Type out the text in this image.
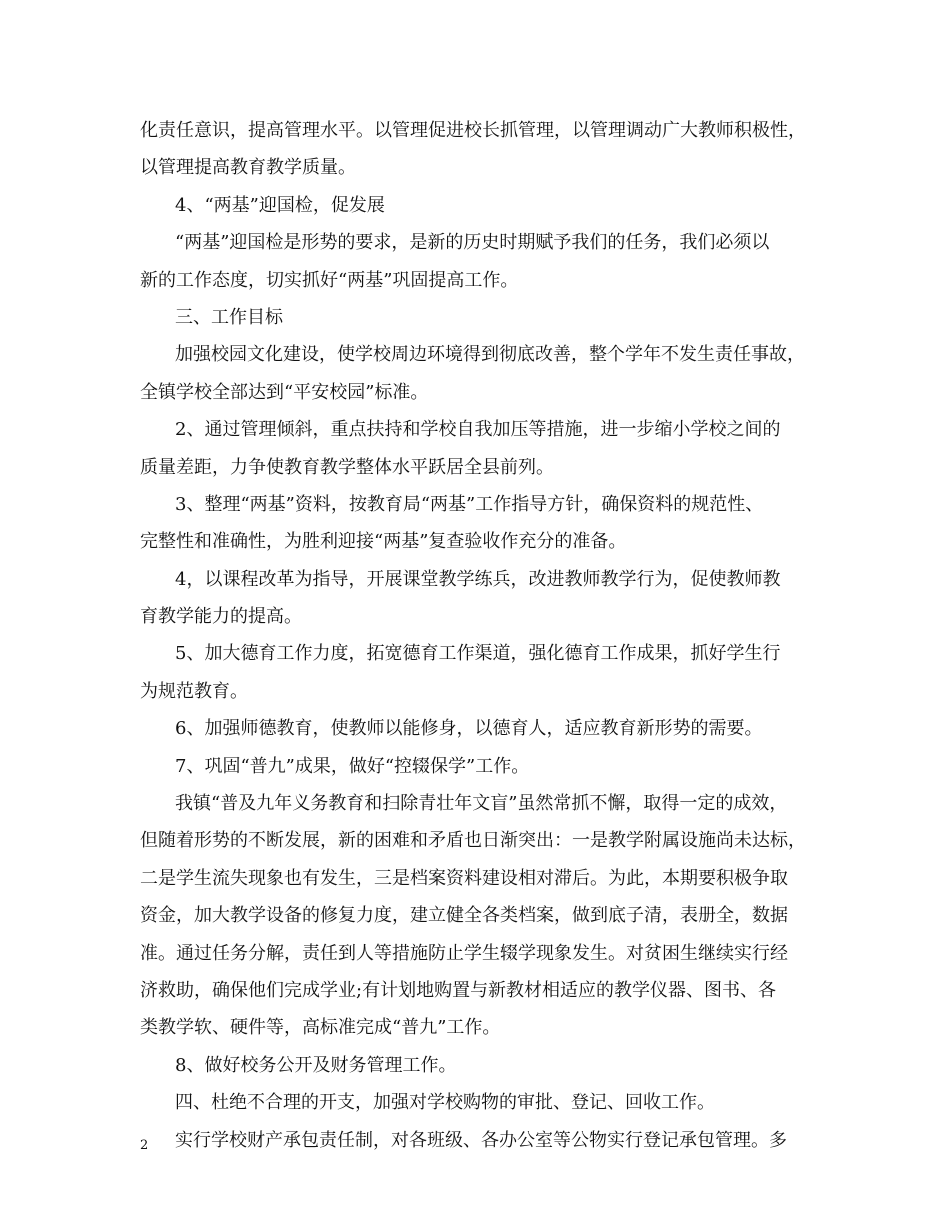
化责任意识，提高管理水平。以管理促进校长抓管理，以管理调动广大教师积极性，
以管理提高教育教学质量。
4、“两基”迎国检，促发展
“两基”迎国检是形势的要求，是新的历史时期赋予我们的任务，我们必须以
新的工作态度，切实抓好“两基”巩固提高工作。
三、工作目标
加强校园文化建设，使学校周边环境得到彻底改善，整个学年不发生责任事故，
全镇学校全部达到“平安校园”标准。
2、通过管理倾斜，重点扶持和学校自我加压等措施，进一步缩小学校之间的
质量差距，力争使教育教学整体水平跃居全县前列。
3、整理“两基”资料，按教育局“两基”工作指导方针，确保资料的规范性、
完整性和准确性，为胜利迎接“两基”复查验收作充分的准备。
4，以课程改革为指导，开展课堂教学练兵，改进教师教学行为，促使教师教
育教学能力的提高。
5、加大德育工作力度，拓宽德育工作渠道，强化德育工作成果，抓好学生行
为规范教育。
6、加强师德教育，使教师以能修身，以德育人，适应教育新形势的需要。
7、巩固“普九”成果，做好“控辍保学”工作。
我镇“普及九年义务教育和扫除青壮年文盲”虽然常抓不懈，取得一定的成效，
但随着形势的不断发展，新的困难和矛盾也日渐突出：一是教学附属设施尚未达标，
二是学生流失现象也有发生，三是档案资料建设相对滞后。为此，本期要积极争取
资金，加大教学设备的修复力度，建立健全各类档案，做到底子清，表册全，数据
准。通过任务分解，责任到人等措施防止学生辍学现象发生。对贫困生继续实行经
济救助，确保他们完成学业;有计划地购置与新教材相适应的教学仪器、图书、各
类教学软、硬件等，高标准完成“普九”工作。
8、做好校务公开及财务管理工作。
四、杜绝不合理的开支，加强对学校购物的审批、登记、回收工作。
实行学校财产承包责任制，对各班级、各办公室等公物实行登记承包管理。多
2
